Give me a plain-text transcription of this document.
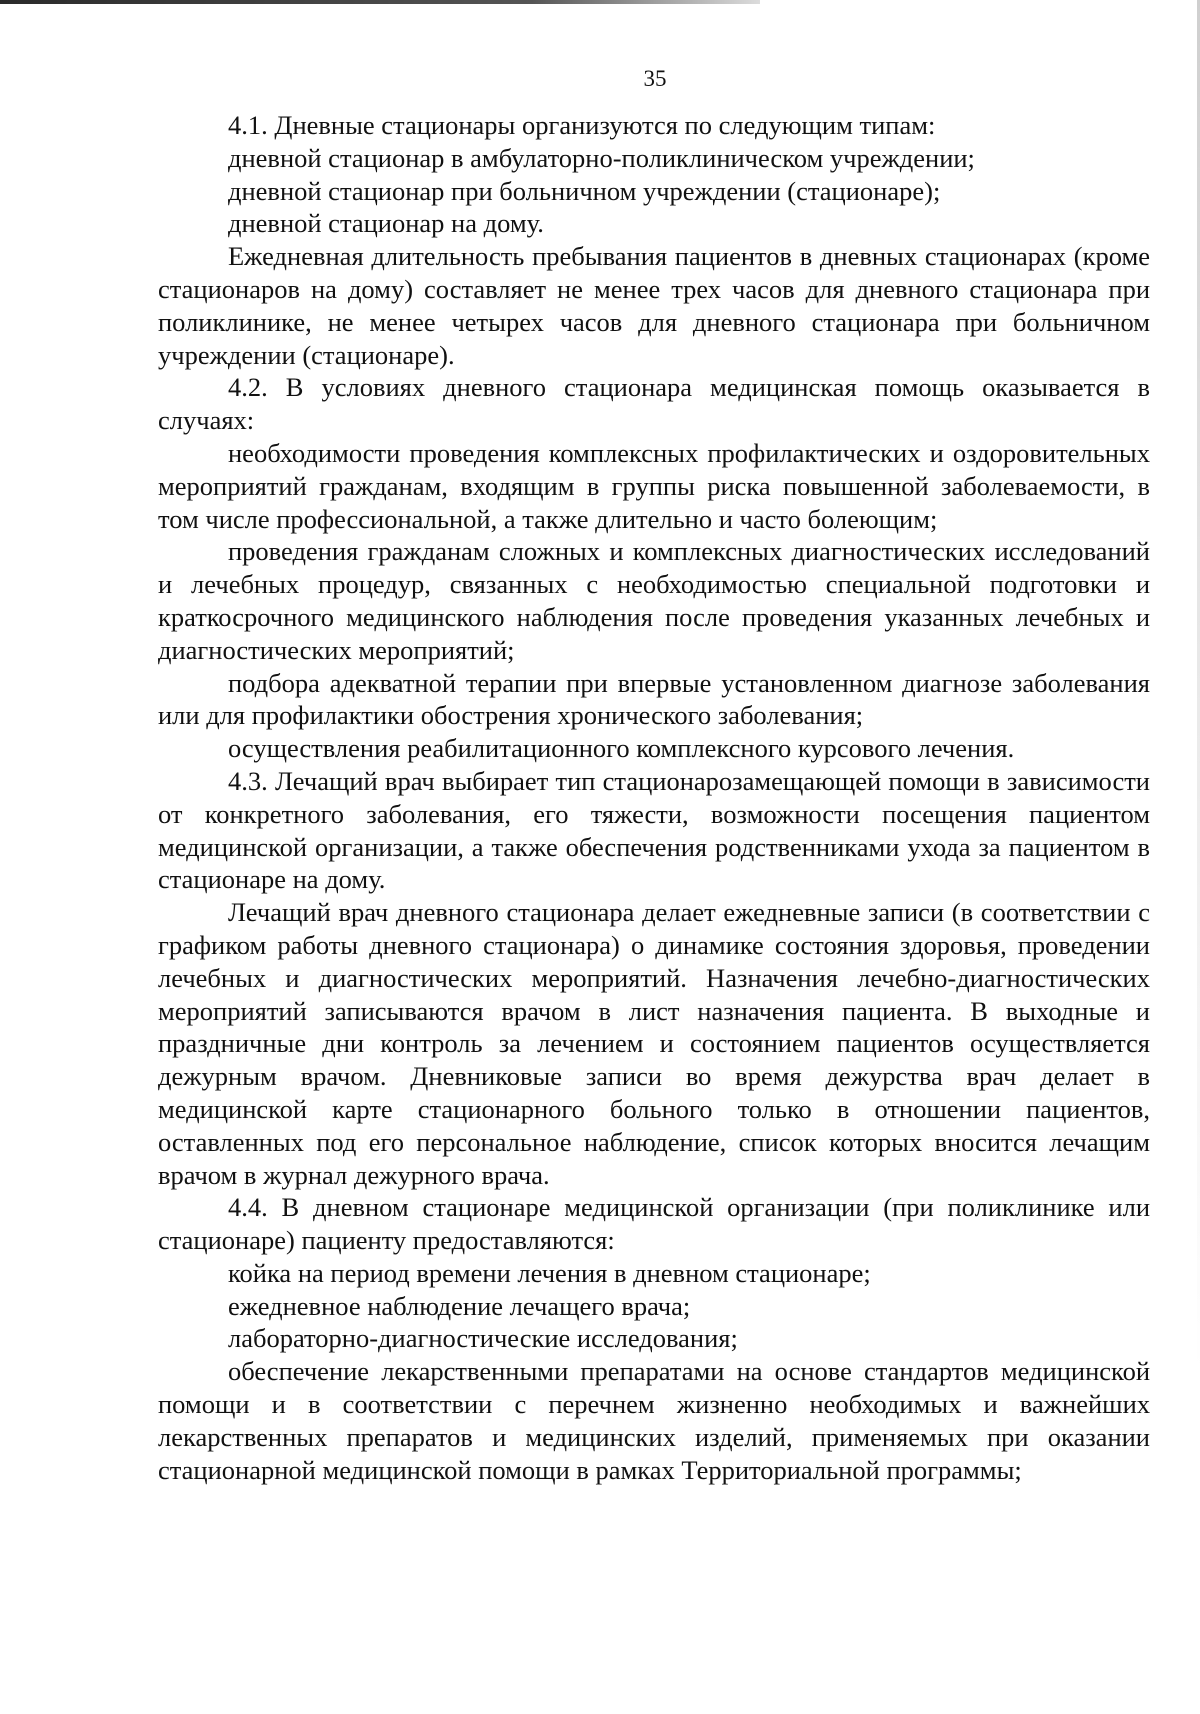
35

4.1. Дневные стационары организуются по следующим типам:

дневной стационар в амбулаторно-поликлиническом учреждении;

дневной стационар при больничном учреждении (стационаре);

дневной стационар на дому.

Ежедневная длительность пребывания пациентов в дневных стационарах (кроме стационаров на дому) составляет не менее трех часов для дневного стационара при поликлинике, не менее четырех часов для дневного стационара при больничном учреждении (стационаре).

4.2. В условиях дневного стационара медицинская помощь оказывается в случаях:

необходимости проведения комплексных профилактических и оздоровительных мероприятий гражданам, входящим в группы риска повышенной заболеваемости, в том числе профессиональной, а также длительно и часто болеющим;

проведения гражданам сложных и комплексных диагностических исследований и лечебных процедур, связанных с необходимостью специальной подготовки и краткосрочного медицинского наблюдения после проведения указанных лечебных и диагностических мероприятий;

подбора адекватной терапии при впервые установленном диагнозе заболевания или для профилактики обострения хронического заболевания;

осуществления реабилитационного комплексного курсового лечения.

4.3. Лечащий врач выбирает тип стационарозамещающей помощи в зависимости от конкретного заболевания, его тяжести, возможности посещения пациентом медицинской организации, а также обеспечения родственниками ухода за пациентом в стационаре на дому.

Лечащий врач дневного стационара делает ежедневные записи (в соответствии с графиком работы дневного стационара) о динамике состояния здоровья, проведении лечебных и диагностических мероприятий. Назначения лечебно-диагностических мероприятий записываются врачом в лист назначения пациента. В выходные и праздничные дни контроль за лечением и состоянием пациентов осуществляется дежурным врачом. Дневниковые записи во время дежурства врач делает в медицинской карте стационарного больного только в отношении пациентов, оставленных под его персональное наблюдение, список которых вносится лечащим врачом в журнал дежурного врача.

4.4. В дневном стационаре медицинской организации (при поликлинике или стационаре) пациенту предоставляются:

койка на период времени лечения в дневном стационаре;

ежедневное наблюдение лечащего врача;

лабораторно-диагностические исследования;

обеспечение лекарственными препаратами на основе стандартов медицинской помощи и в соответствии с перечнем жизненно необходимых и важнейших лекарственных препаратов и медицинских изделий, применяемых при оказании стационарной медицинской помощи в рамках Территориальной программы;
